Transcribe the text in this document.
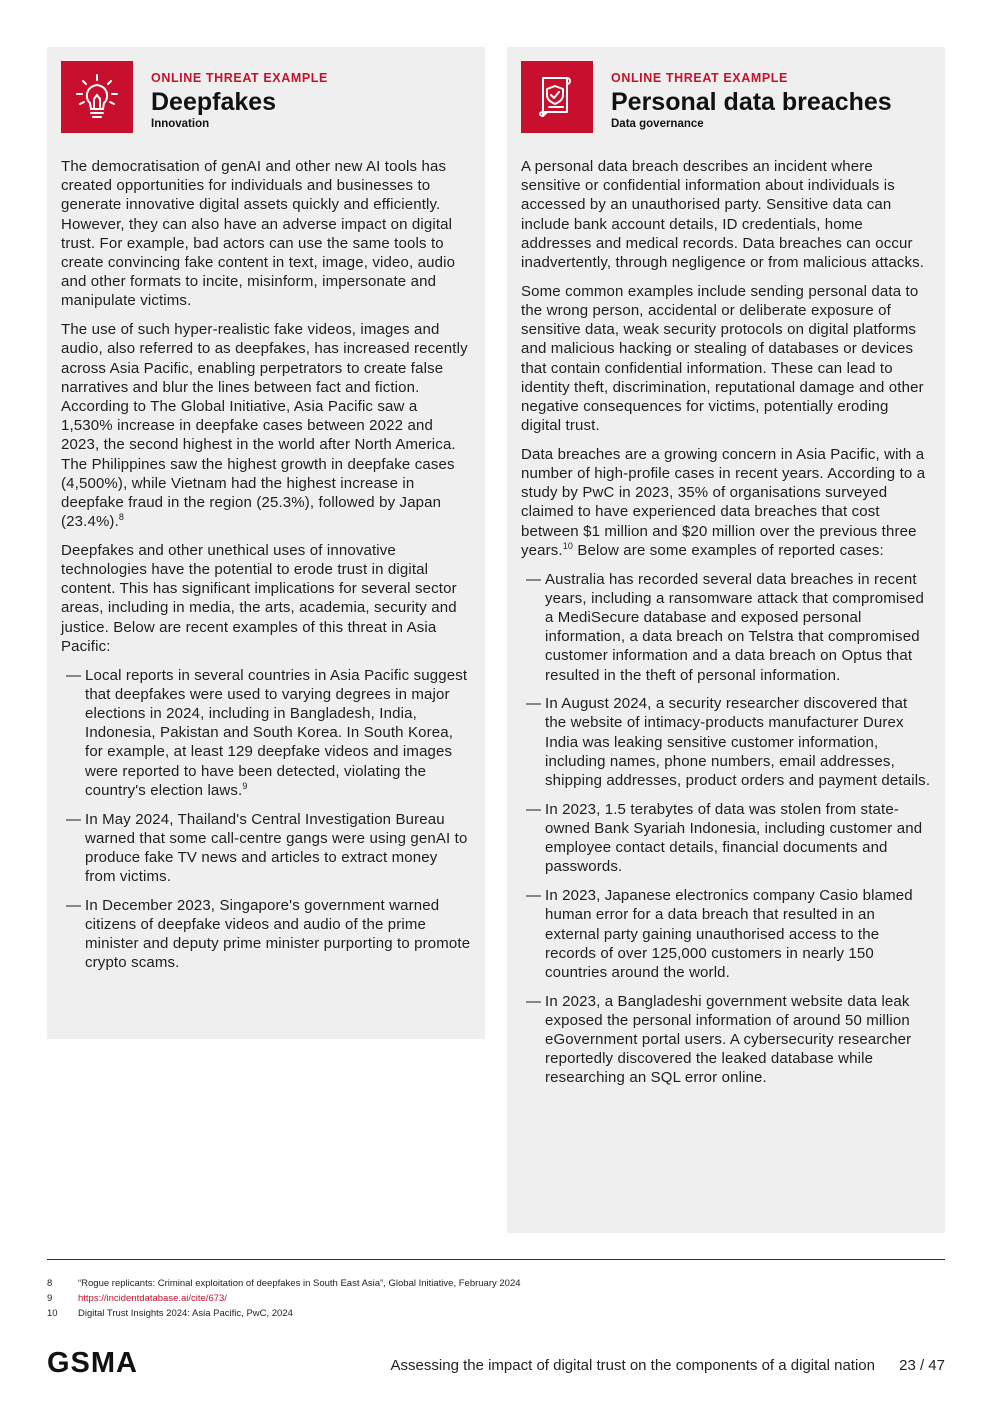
ONLINE THREAT EXAMPLE
Deepfakes
Innovation

The democratisation of genAI and other new AI tools has created opportunities for individuals and businesses to generate innovative digital assets quickly and efficiently. However, they can also have an adverse impact on digital trust. For example, bad actors can use the same tools to create convincing fake content in text, image, video, audio and other formats to incite, misinform, impersonate and manipulate victims.

The use of such hyper-realistic fake videos, images and audio, also referred to as deepfakes, has increased recently across Asia Pacific, enabling perpetrators to create false narratives and blur the lines between fact and fiction. According to The Global Initiative, Asia Pacific saw a 1,530% increase in deepfake cases between 2022 and 2023, the second highest in the world after North America. The Philippines saw the highest growth in deepfake cases (4,500%), while Vietnam had the highest increase in deepfake fraud in the region (25.3%), followed by Japan (23.4%).$^8$

Deepfakes and other unethical uses of innovative technologies have the potential to erode trust in digital content. This has significant implications for several sector areas, including in media, the arts, academia, security and justice. Below are recent examples of this threat in Asia Pacific:

— Local reports in several countries in Asia Pacific suggest that deepfakes were used to varying degrees in major elections in 2024, including in Bangladesh, India, Indonesia, Pakistan and South Korea. In South Korea, for example, at least 129 deepfake videos and images were reported to have been detected, violating the country's election laws.$^9$
— In May 2024, Thailand's Central Investigation Bureau warned that some call-centre gangs were using genAI to produce fake TV news and articles to extract money from victims.
— In December 2023, Singapore's government warned citizens of deepfake videos and audio of the prime minister and deputy prime minister purporting to promote crypto scams.
ONLINE THREAT EXAMPLE
Personal data breaches
Data governance

A personal data breach describes an incident where sensitive or confidential information about individuals is accessed by an unauthorised party. Sensitive data can include bank account details, ID credentials, home addresses and medical records. Data breaches can occur inadvertently, through negligence or from malicious attacks.

Some common examples include sending personal data to the wrong person, accidental or deliberate exposure of sensitive data, weak security protocols on digital platforms and malicious hacking or stealing of databases or devices that contain confidential information. These can lead to identity theft, discrimination, reputational damage and other negative consequences for victims, potentially eroding digital trust.

Data breaches are a growing concern in Asia Pacific, with a number of high-profile cases in recent years. According to a study by PwC in 2023, 35% of organisations surveyed claimed to have experienced data breaches that cost between $1 million and $20 million over the previous three years.$^{10}$ Below are some examples of reported cases:

— Australia has recorded several data breaches in recent years, including a ransomware attack that compromised a MediSecure database and exposed personal information, a data breach on Telstra that compromised customer information and a data breach on Optus that resulted in the theft of personal information.
— In August 2024, a security researcher discovered that the website of intimacy-products manufacturer Durex India was leaking sensitive customer information, including names, phone numbers, email addresses, shipping addresses, product orders and payment details.
— In 2023, 1.5 terabytes of data was stolen from state-owned Bank Syariah Indonesia, including customer and employee contact details, financial documents and passwords.
— In 2023, Japanese electronics company Casio blamed human error for a data breach that resulted in an external party gaining unauthorised access to the records of over 125,000 customers in nearly 150 countries around the world.
— In 2023, a Bangladeshi government website data leak exposed the personal information of around 50 million eGovernment portal users. A cybersecurity researcher reportedly discovered the leaked database while researching an SQL error online.
8	“Rogue replicants: Criminal exploitation of deepfakes in South East Asia”, Global Initiative, February 2024
9	https://incidentdatabase.ai/cite/673/
10	Digital Trust Insights 2024: Asia Pacific, PwC, 2024
GSMA	Assessing the impact of digital trust on the components of a digital nation 23 / 47
